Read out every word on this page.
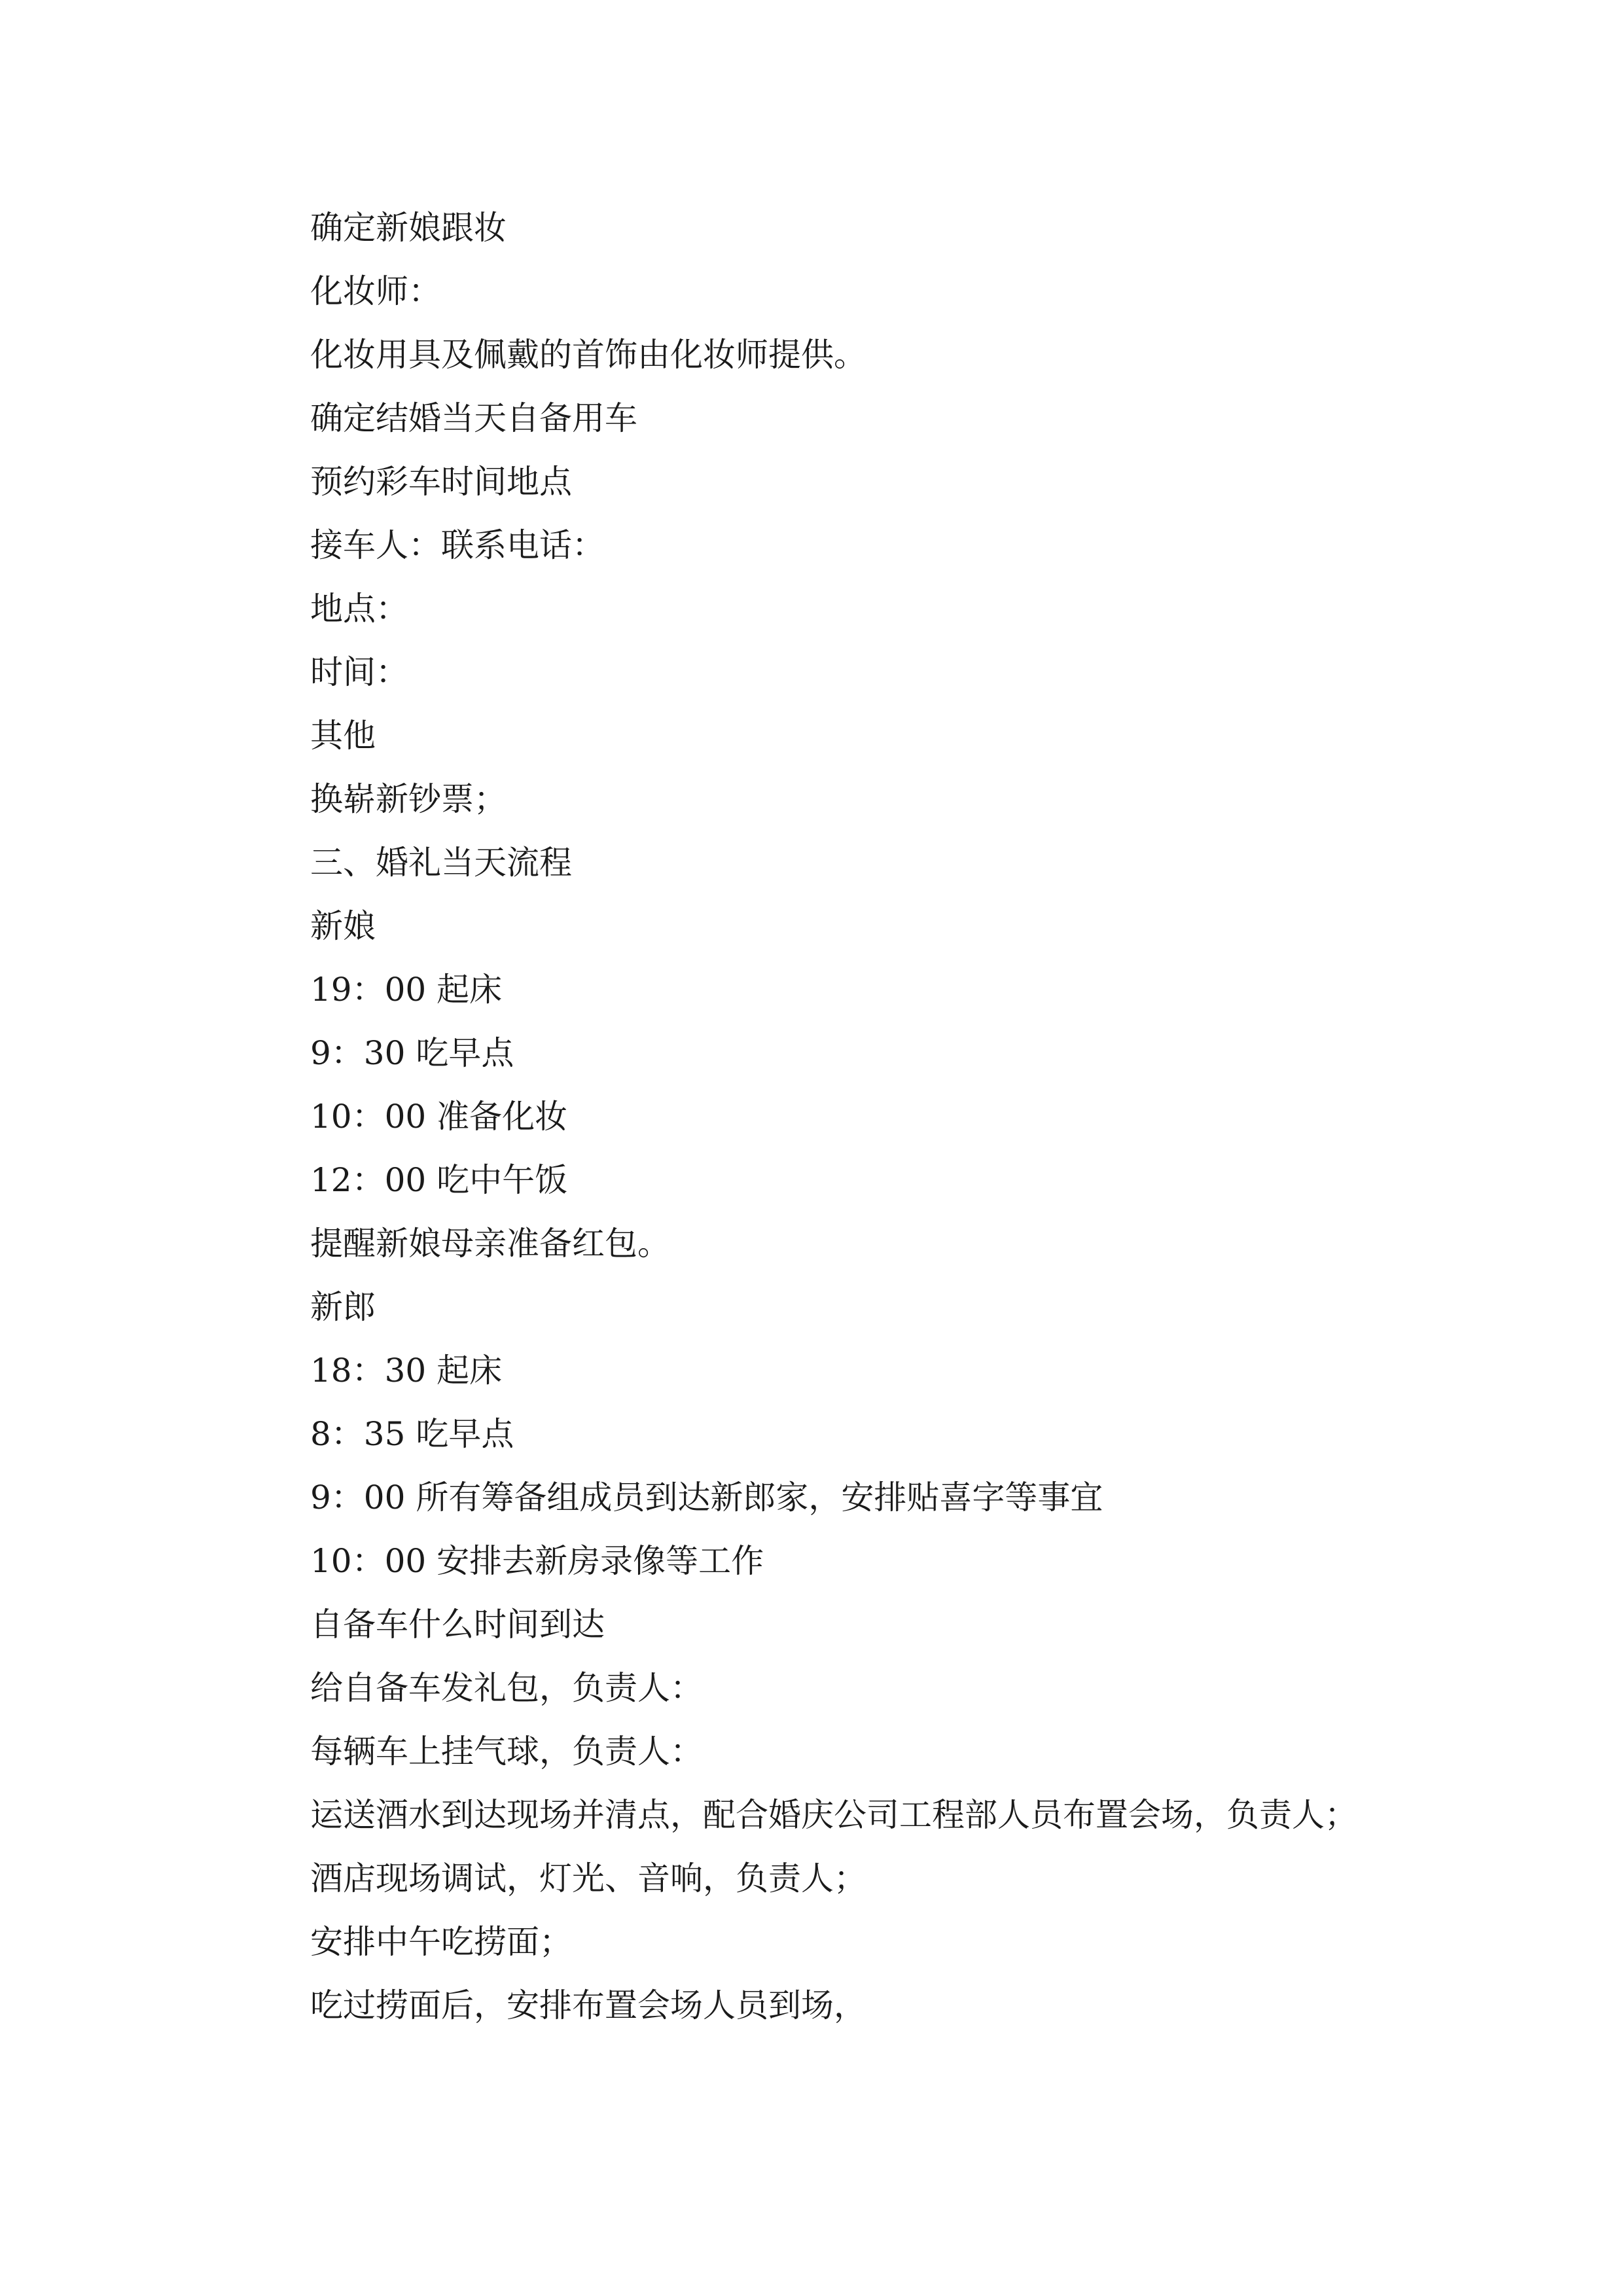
确定新娘跟妆
化妆师：
化妆用具及佩戴的首饰由化妆师提供。
确定结婚当天自备用车
预约彩车时间地点
接车人：联系电话：
地点：
时间：
其他
换崭新钞票；
三、婚礼当天流程
新娘
19：00 起床
9：30 吃早点
10：00 准备化妆
12：00 吃中午饭
提醒新娘母亲准备红包。
新郎
18：30 起床
8：35 吃早点
9：00 所有筹备组成员到达新郎家，安排贴喜字等事宜
10：00 安排去新房录像等工作
自备车什么时间到达
给自备车发礼包，负责人：
每辆车上挂气球，负责人：
运送酒水到达现场并清点，配合婚庆公司工程部人员布置会场，负责人；
酒店现场调试，灯光、音响，负责人；
安排中午吃捞面；
吃过捞面后，安排布置会场人员到场，
